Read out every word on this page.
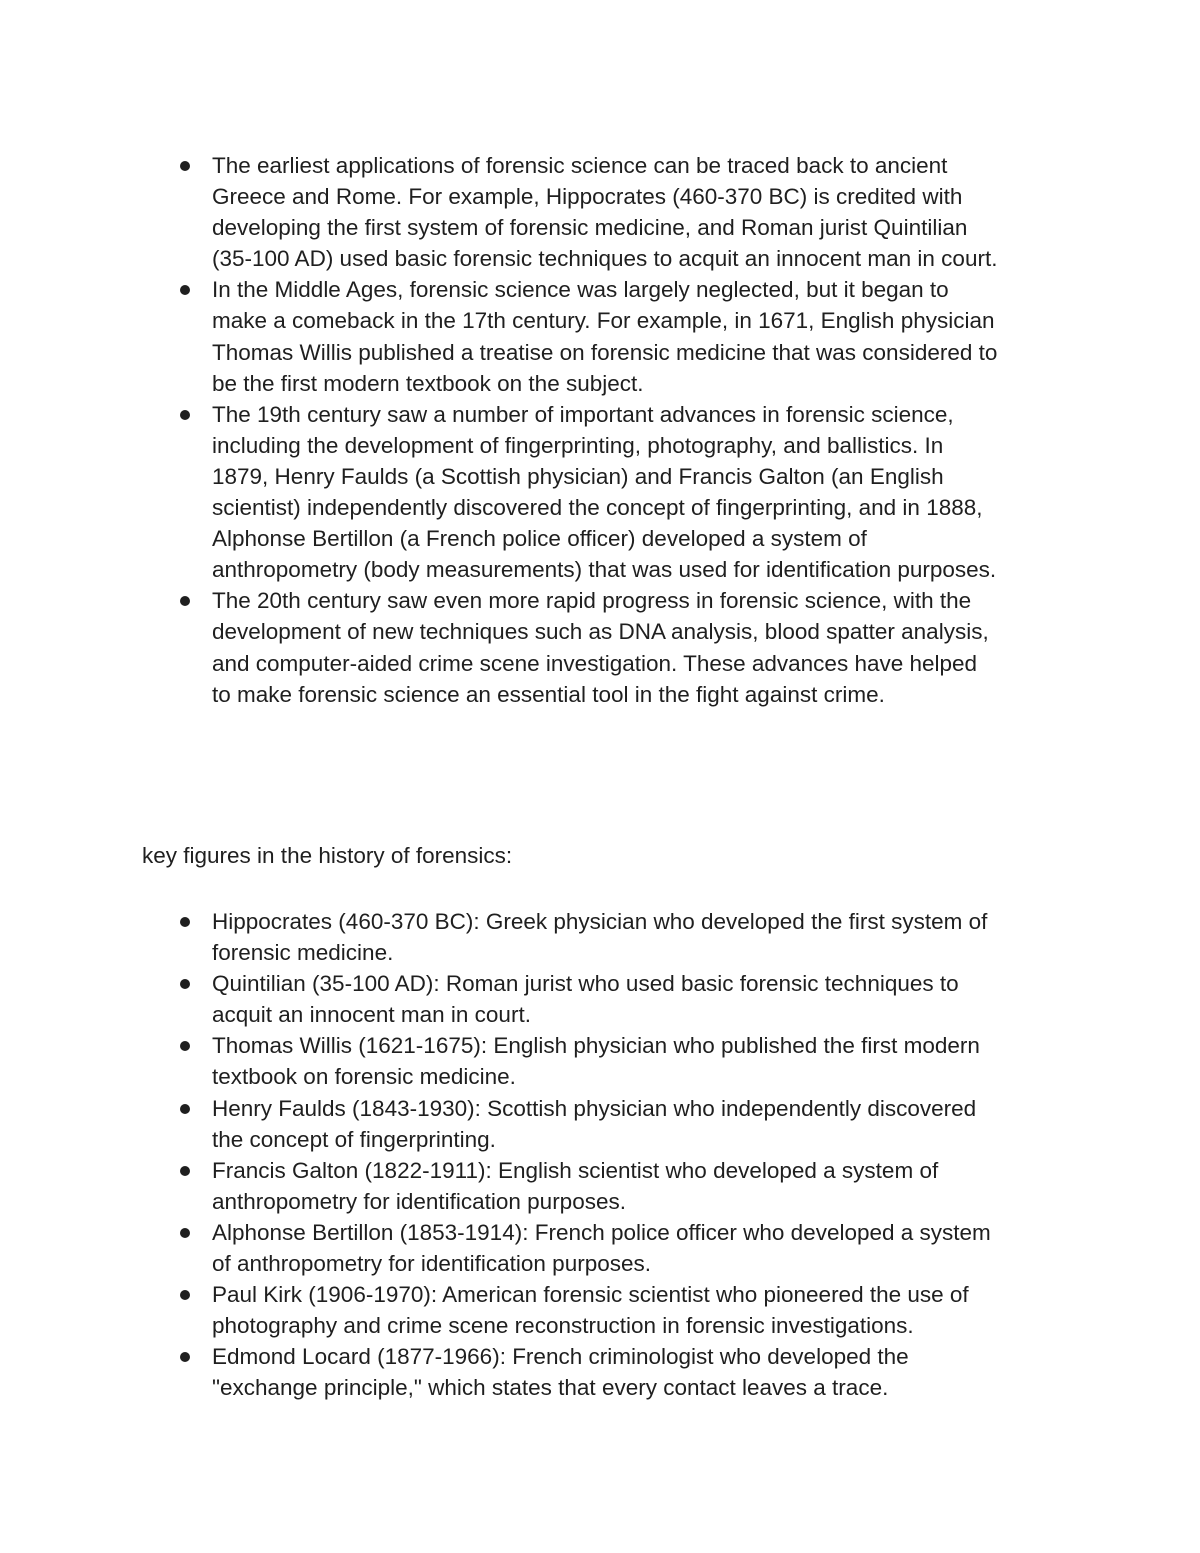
The earliest applications of forensic science can be traced back to ancient Greece and Rome. For example, Hippocrates (460-370 BC) is credited with developing the first system of forensic medicine, and Roman jurist Quintilian (35-100 AD) used basic forensic techniques to acquit an innocent man in court.
In the Middle Ages, forensic science was largely neglected, but it began to make a comeback in the 17th century. For example, in 1671, English physician Thomas Willis published a treatise on forensic medicine that was considered to be the first modern textbook on the subject.
The 19th century saw a number of important advances in forensic science, including the development of fingerprinting, photography, and ballistics. In 1879, Henry Faulds (a Scottish physician) and Francis Galton (an English scientist) independently discovered the concept of fingerprinting, and in 1888, Alphonse Bertillon (a French police officer) developed a system of anthropometry (body measurements) that was used for identification purposes.
The 20th century saw even more rapid progress in forensic science, with the development of new techniques such as DNA analysis, blood spatter analysis, and computer-aided crime scene investigation. These advances have helped to make forensic science an essential tool in the fight against crime.

key figures in the history of forensics:

Hippocrates (460-370 BC): Greek physician who developed the first system of forensic medicine.
Quintilian (35-100 AD): Roman jurist who used basic forensic techniques to acquit an innocent man in court.
Thomas Willis (1621-1675): English physician who published the first modern textbook on forensic medicine.
Henry Faulds (1843-1930): Scottish physician who independently discovered the concept of fingerprinting.
Francis Galton (1822-1911): English scientist who developed a system of anthropometry for identification purposes.
Alphonse Bertillon (1853-1914): French police officer who developed a system of anthropometry for identification purposes.
Paul Kirk (1906-1970): American forensic scientist who pioneered the use of photography and crime scene reconstruction in forensic investigations.
Edmond Locard (1877-1966): French criminologist who developed the "exchange principle," which states that every contact leaves a trace.
